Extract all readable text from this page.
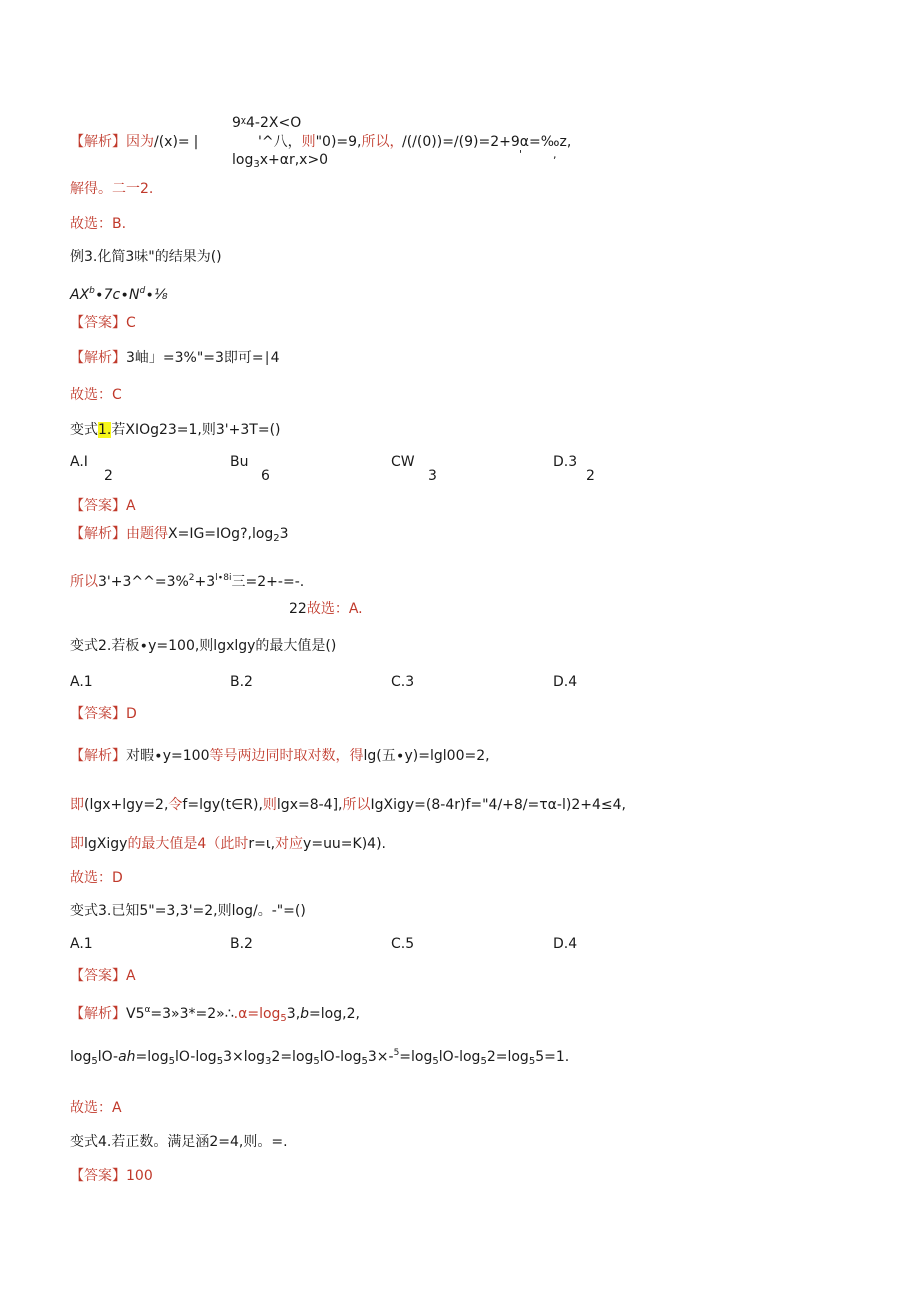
9ᵡ4-2X<O
【解析】因为/(x)= |	'^八，则"0)=9,所以，
/(/(0))=∕(9)=2+9α=‰z,
$\log_3x+\alpha r,x>0$	'	,
解得。二一2.
故选：B.
例3.化简3味"的结果为()
$AX^b\cdot 7c\cdot N^d\cdot\frac{1}{8}$
【答案】C
【解析】3岫」=3%"=3即可=∣4
故选：C
变式1.若XIOg23=1,则3'+3T=()
A.I
2
Bu
6
CW
3
D.3
2
【答案】A
【解析】由题得$X=IG=IOg?,\log_23$
所以$3'+3\^{}\^{}=3\%^2+3^{l\cdot 8i}$三=2+-=-.
22故选：A.
变式2.若板∙y=100,则lgxlgy的最大值是()
A.1	B.2	C.3	D.4
【答案】D
【解析】对暇∙y=100等号两边同时取对数，得lg(五∙y)=lgl00=2,
即(lgx+lgy=2,令f=lgy(t∈R),则lgx=8-4],所以IgXigy=(8-4r)f="4∕+8∕=τα-l)2+4≤4,
即lgXigy的最大值是4（此时r=ι,对应y=uu=K)4).
故选：D
变式3.已知5"=3,3'=2,则log/。-"=()
A.1	B.2	C.5	D.4
【答案】A
【解析】$V5^\alpha=3»3*=2»\therefore.\alpha=\log_53,b=\log,2$,
$\log_5lO-ah=\log_5lO-\log_53\times\log_32=\log_5lO-\log_53\times-^5=\log_5lO-\log_52=\log_55=1$.
故选：A
变式4.若正数。满足涵2=4,则。=.
【答案】100
